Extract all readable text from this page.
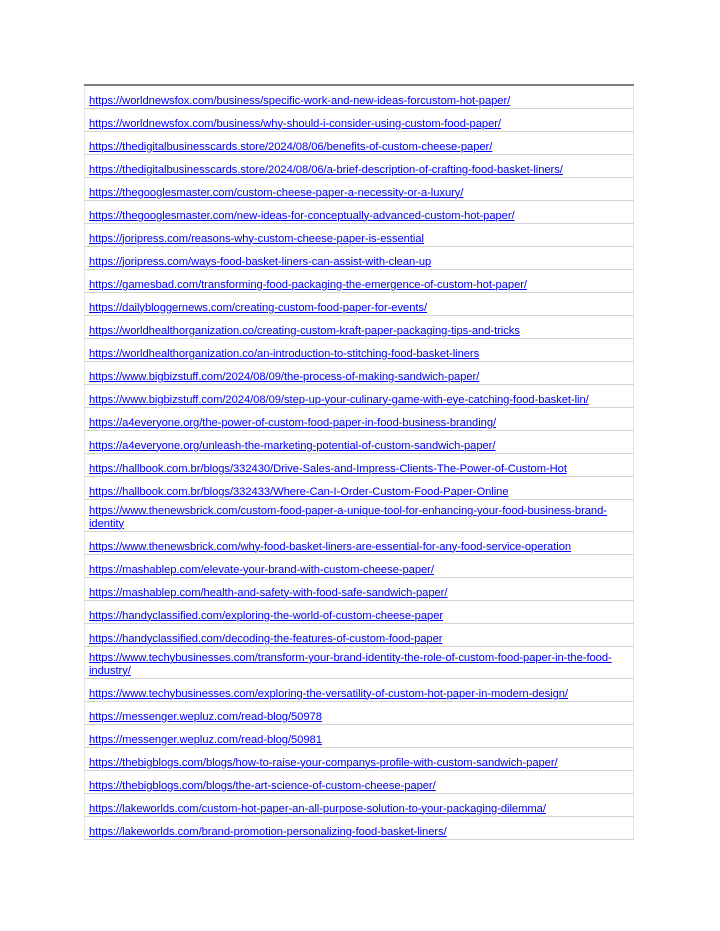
https://worldnewsfox.com/business/specific-work-and-new-ideas-forcustom-hot-paper/
https://worldnewsfox.com/business/why-should-i-consider-using-custom-food-paper/
https://thedigitalbusinesscards.store/2024/08/06/benefits-of-custom-cheese-paper/
https://thedigitalbusinesscards.store/2024/08/06/a-brief-description-of-crafting-food-basket-liners/
https://thegooglesmaster.com/custom-cheese-paper-a-necessity-or-a-luxury/
https://thegooglesmaster.com/new-ideas-for-conceptually-advanced-custom-hot-paper/
https://joripress.com/reasons-why-custom-cheese-paper-is-essential
https://joripress.com/ways-food-basket-liners-can-assist-with-clean-up
https://gamesbad.com/transforming-food-packaging-the-emergence-of-custom-hot-paper/
https://dailybloggernews.com/creating-custom-food-paper-for-events/
https://worldhealthorganization.co/creating-custom-kraft-paper-packaging-tips-and-tricks
https://worldhealthorganization.co/an-introduction-to-stitching-food-basket-liners
https://www.bigbizstuff.com/2024/08/09/the-process-of-making-sandwich-paper/
https://www.bigbizstuff.com/2024/08/09/step-up-your-culinary-game-with-eye-catching-food-basket-lin/
https://a4everyone.org/the-power-of-custom-food-paper-in-food-business-branding/
https://a4everyone.org/unleash-the-marketing-potential-of-custom-sandwich-paper/
https://hallbook.com.br/blogs/332430/Drive-Sales-and-Impress-Clients-The-Power-of-Custom-Hot
https://hallbook.com.br/blogs/332433/Where-Can-I-Order-Custom-Food-Paper-Online
https://www.thenewsbrick.com/custom-food-paper-a-unique-tool-for-enhancing-your-food-business-brand-identity
https://www.thenewsbrick.com/why-food-basket-liners-are-essential-for-any-food-service-operation
https://mashablep.com/elevate-your-brand-with-custom-cheese-paper/
https://mashablep.com/health-and-safety-with-food-safe-sandwich-paper/
https://handyclassified.com/exploring-the-world-of-custom-cheese-paper
https://handyclassified.com/decoding-the-features-of-custom-food-paper
https://www.techybusinesses.com/transform-your-brand-identity-the-role-of-custom-food-paper-in-the-food-industry/
https://www.techybusinesses.com/exploring-the-versatility-of-custom-hot-paper-in-modern-design/
https://messenger.wepluz.com/read-blog/50978
https://messenger.wepluz.com/read-blog/50981
https://thebigblogs.com/blogs/how-to-raise-your-companys-profile-with-custom-sandwich-paper/
https://thebigblogs.com/blogs/the-art-science-of-custom-cheese-paper/
https://lakeworlds.com/custom-hot-paper-an-all-purpose-solution-to-your-packaging-dilemma/
https://lakeworlds.com/brand-promotion-personalizing-food-basket-liners/
